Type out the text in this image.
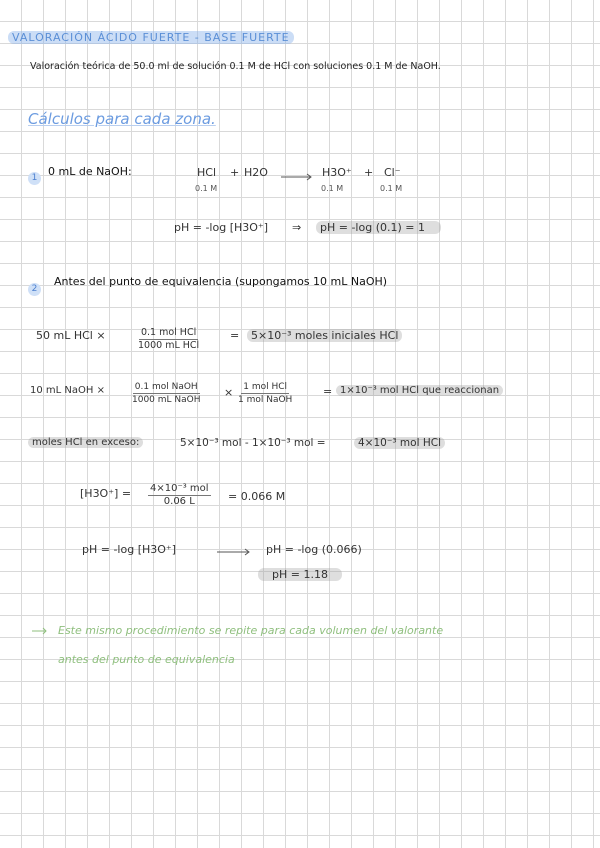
VALORACIÓN ÁCIDO FUERTE - BASE FUERTE
Valoración teórica de 50.0 ml de solución 0.1 M de HCl con soluciones 0.1 M de NaOH.
Cálculos para cada zona.
1 0 mL de NaOH:	HCl + H2O → H3O⁺ + Cl⁻
0.1 M	0.1 M	0.1 M
pH = -log [H3O⁺] ⇒	pH = -log (0.1) = 1
2
Antes del punto de equivalencia (supongamos 10 mL NaOH)
50 mL HCl ×	$\frac{\text{0.1 mol HCl}}{\text{1000 mL HCl}}$	=	5×10⁻³ moles iniciales HCl
10 mL NaOH ×	$\frac{\text{0.1 mol NaOH}}{\text{1000 mL NaOH}} \times \frac{\text{1 mol HCl}}{\text{1 mol NaOH}}$	= 1×10⁻³ mol HCl que reaccionan
moles HCl en exceso:	5×10⁻³ mol - 1×10⁻³ mol =	4×10⁻³ mol HCl
$[H3O^+] = \frac{\text{4×10⁻³ mol}}{0.06 L} = 0.066$ M
pH = -log [H3O⁺]	pH = -log (0.066)
pH = 1.18
Este mismo procedimiento se repite para cada volumen del valorante
antes del punto de equivalencia
